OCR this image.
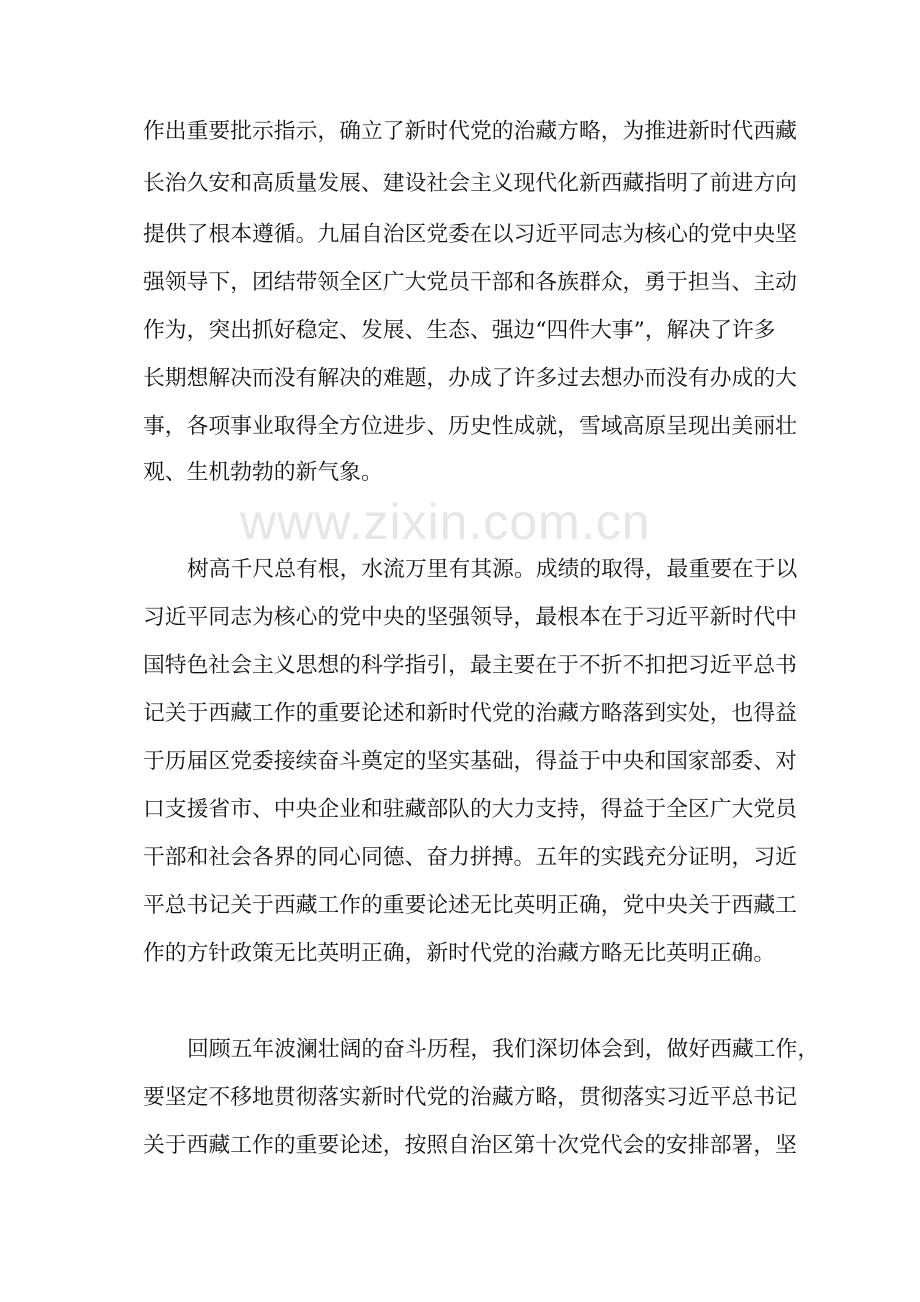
作出重要批示指示，确立了新时代党的治藏方略，为推进新时代西藏
长治久安和高质量发展、建设社会主义现代化新西藏指明了前进方向
提供了根本遵循。九届自治区党委在以习近平同志为核心的党中央坚
强领导下，团结带领全区广大党员干部和各族群众，勇于担当、主动
作为，突出抓好稳定、发展、生态、强边“四件大事”，解决了许多
长期想解决而没有解决的难题，办成了许多过去想办而没有办成的大
事，各项事业取得全方位进步、历史性成就，雪域高原呈现出美丽壮
观、生机勃勃的新气象。
www.zixin.com.cn
树高千尺总有根，水流万里有其源。成绩的取得，最重要在于以
习近平同志为核心的党中央的坚强领导，最根本在于习近平新时代中
国特色社会主义思想的科学指引，最主要在于不折不扣把习近平总书
记关于西藏工作的重要论述和新时代党的治藏方略落到实处，也得益
于历届区党委接续奋斗奠定的坚实基础，得益于中央和国家部委、对
口支援省市、中央企业和驻藏部队的大力支持，得益于全区广大党员
干部和社会各界的同心同德、奋力拼搏。五年的实践充分证明，习近
平总书记关于西藏工作的重要论述无比英明正确，党中央关于西藏工
作的方针政策无比英明正确，新时代党的治藏方略无比英明正确。
回顾五年波澜壮阔的奋斗历程，我们深切体会到，做好西藏工作，
要坚定不移地贯彻落实新时代党的治藏方略，贯彻落实习近平总书记
关于西藏工作的重要论述，按照自治区第十次党代会的安排部署，坚
